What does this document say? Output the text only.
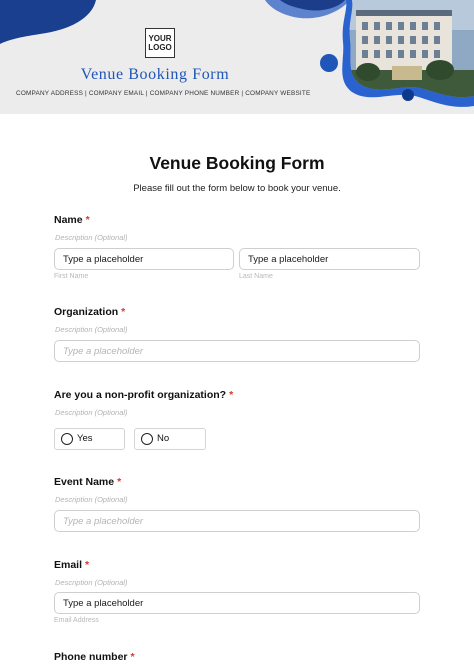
YOUR LOGO
Venue Booking Form
COMPANY ADDRESS | COMPANY EMAIL | COMPANY PHONE NUMBER | COMPANY WEBSITE
Venue Booking Form
Please fill out the form below to book your venue.
Name *
Description (Optional)
Type a placeholder
First Name
Type a placeholder
Last Name
Organization *
Description (Optional)
Type a placeholder
Are you a non-profit organization? *
Description (Optional)
Yes	No
Event Name *
Description (Optional)
Type a placeholder
Email *
Description (Optional)
Type a placeholder
Email Address
Phone number *
